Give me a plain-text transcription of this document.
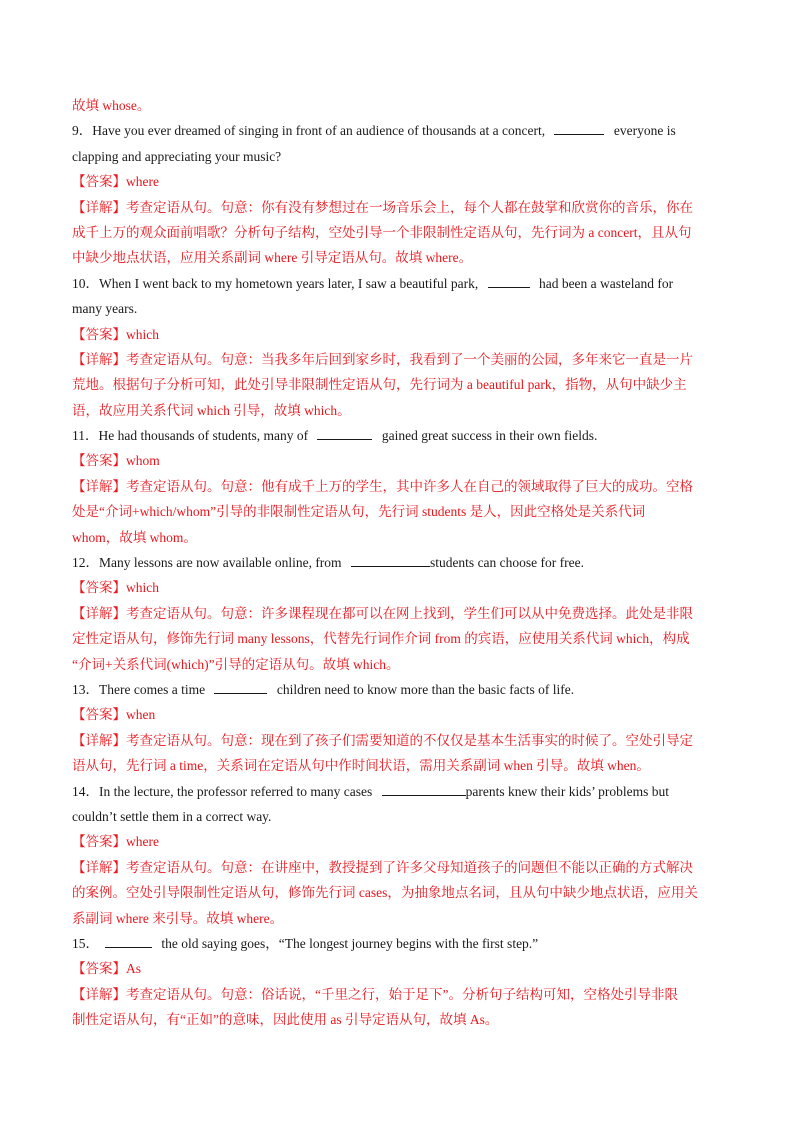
故填 whose。
9．Have you ever dreamed of singing in front of an audience of thousands at a concert,	everyone is
clapping and appreciating your music?
【答案】where
【详解】考查定语从句。句意：你有没有梦想过在一场音乐会上，每个人都在鼓掌和欣赏你的音乐，你在
成千上万的观众面前唱歌？分析句子结构，空处引导一个非限制性定语从句，先行词为 a concert，且从句
中缺少地点状语，应用关系副词 where 引导定语从句。故填 where。
10．When I went back to my hometown years later, I saw a beautiful park,	had been a wasteland for
many years.
【答案】which
【详解】考查定语从句。句意：当我多年后回到家乡时，我看到了一个美丽的公园，多年来它一直是一片
荒地。根据句子分析可知，此处引导非限制性定语从句，先行词为 a beautiful park，指物，从句中缺少主
语，故应用关系代词 which 引导，故填 which。
11．He had thousands of students, many of	gained great success in their own fields.
【答案】whom
【详解】考查定语从句。句意：他有成千上万的学生，其中许多人在自己的领域取得了巨大的成功。空格
处是“介词+which/whom”引导的非限制性定语从句，先行词 students 是人，因此空格处是关系代词
whom，故填 whom。
12．Many lessons are now available online, from	students can choose for free.
【答案】which
【详解】考查定语从句。句意：许多课程现在都可以在网上找到，学生们可以从中免费选择。此处是非限
定性定语从句，修饰先行词 many lessons，代替先行词作介词 from 的宾语，应使用关系代词 which，构成
“介词+关系代词(which)”引导的定语从句。故填 which。
13．There comes a time	children need to know more than the basic facts of life.
【答案】when
【详解】考查定语从句。句意：现在到了孩子们需要知道的不仅仅是基本生活事实的时候了。空处引导定
语从句，先行词 a time，关系词在定语从句中作时间状语，需用关系副词 when 引导。故填 when。
14．In the lecture, the professor referred to many cases	parents knew their kids’ problems but
couldn’t settle them in a correct way.
【答案】where
【详解】考查定语从句。句意：在讲座中，教授提到了许多父母知道孩子的问题但不能以正确的方式解决
的案例。空处引导限制性定语从句，修饰先行词 cases，为抽象地点名词，且从句中缺少地点状语，应用关
系副词 where 来引导。故填 where。
15．	the old saying goes，“The longest journey begins with the first step.”
【答案】As
【详解】考查定语从句。句意：俗话说，“千里之行，始于足下”。分析句子结构可知，空格处引导非限
制性定语从句，有“正如”的意味，因此使用 as 引导定语从句，故填 As。
